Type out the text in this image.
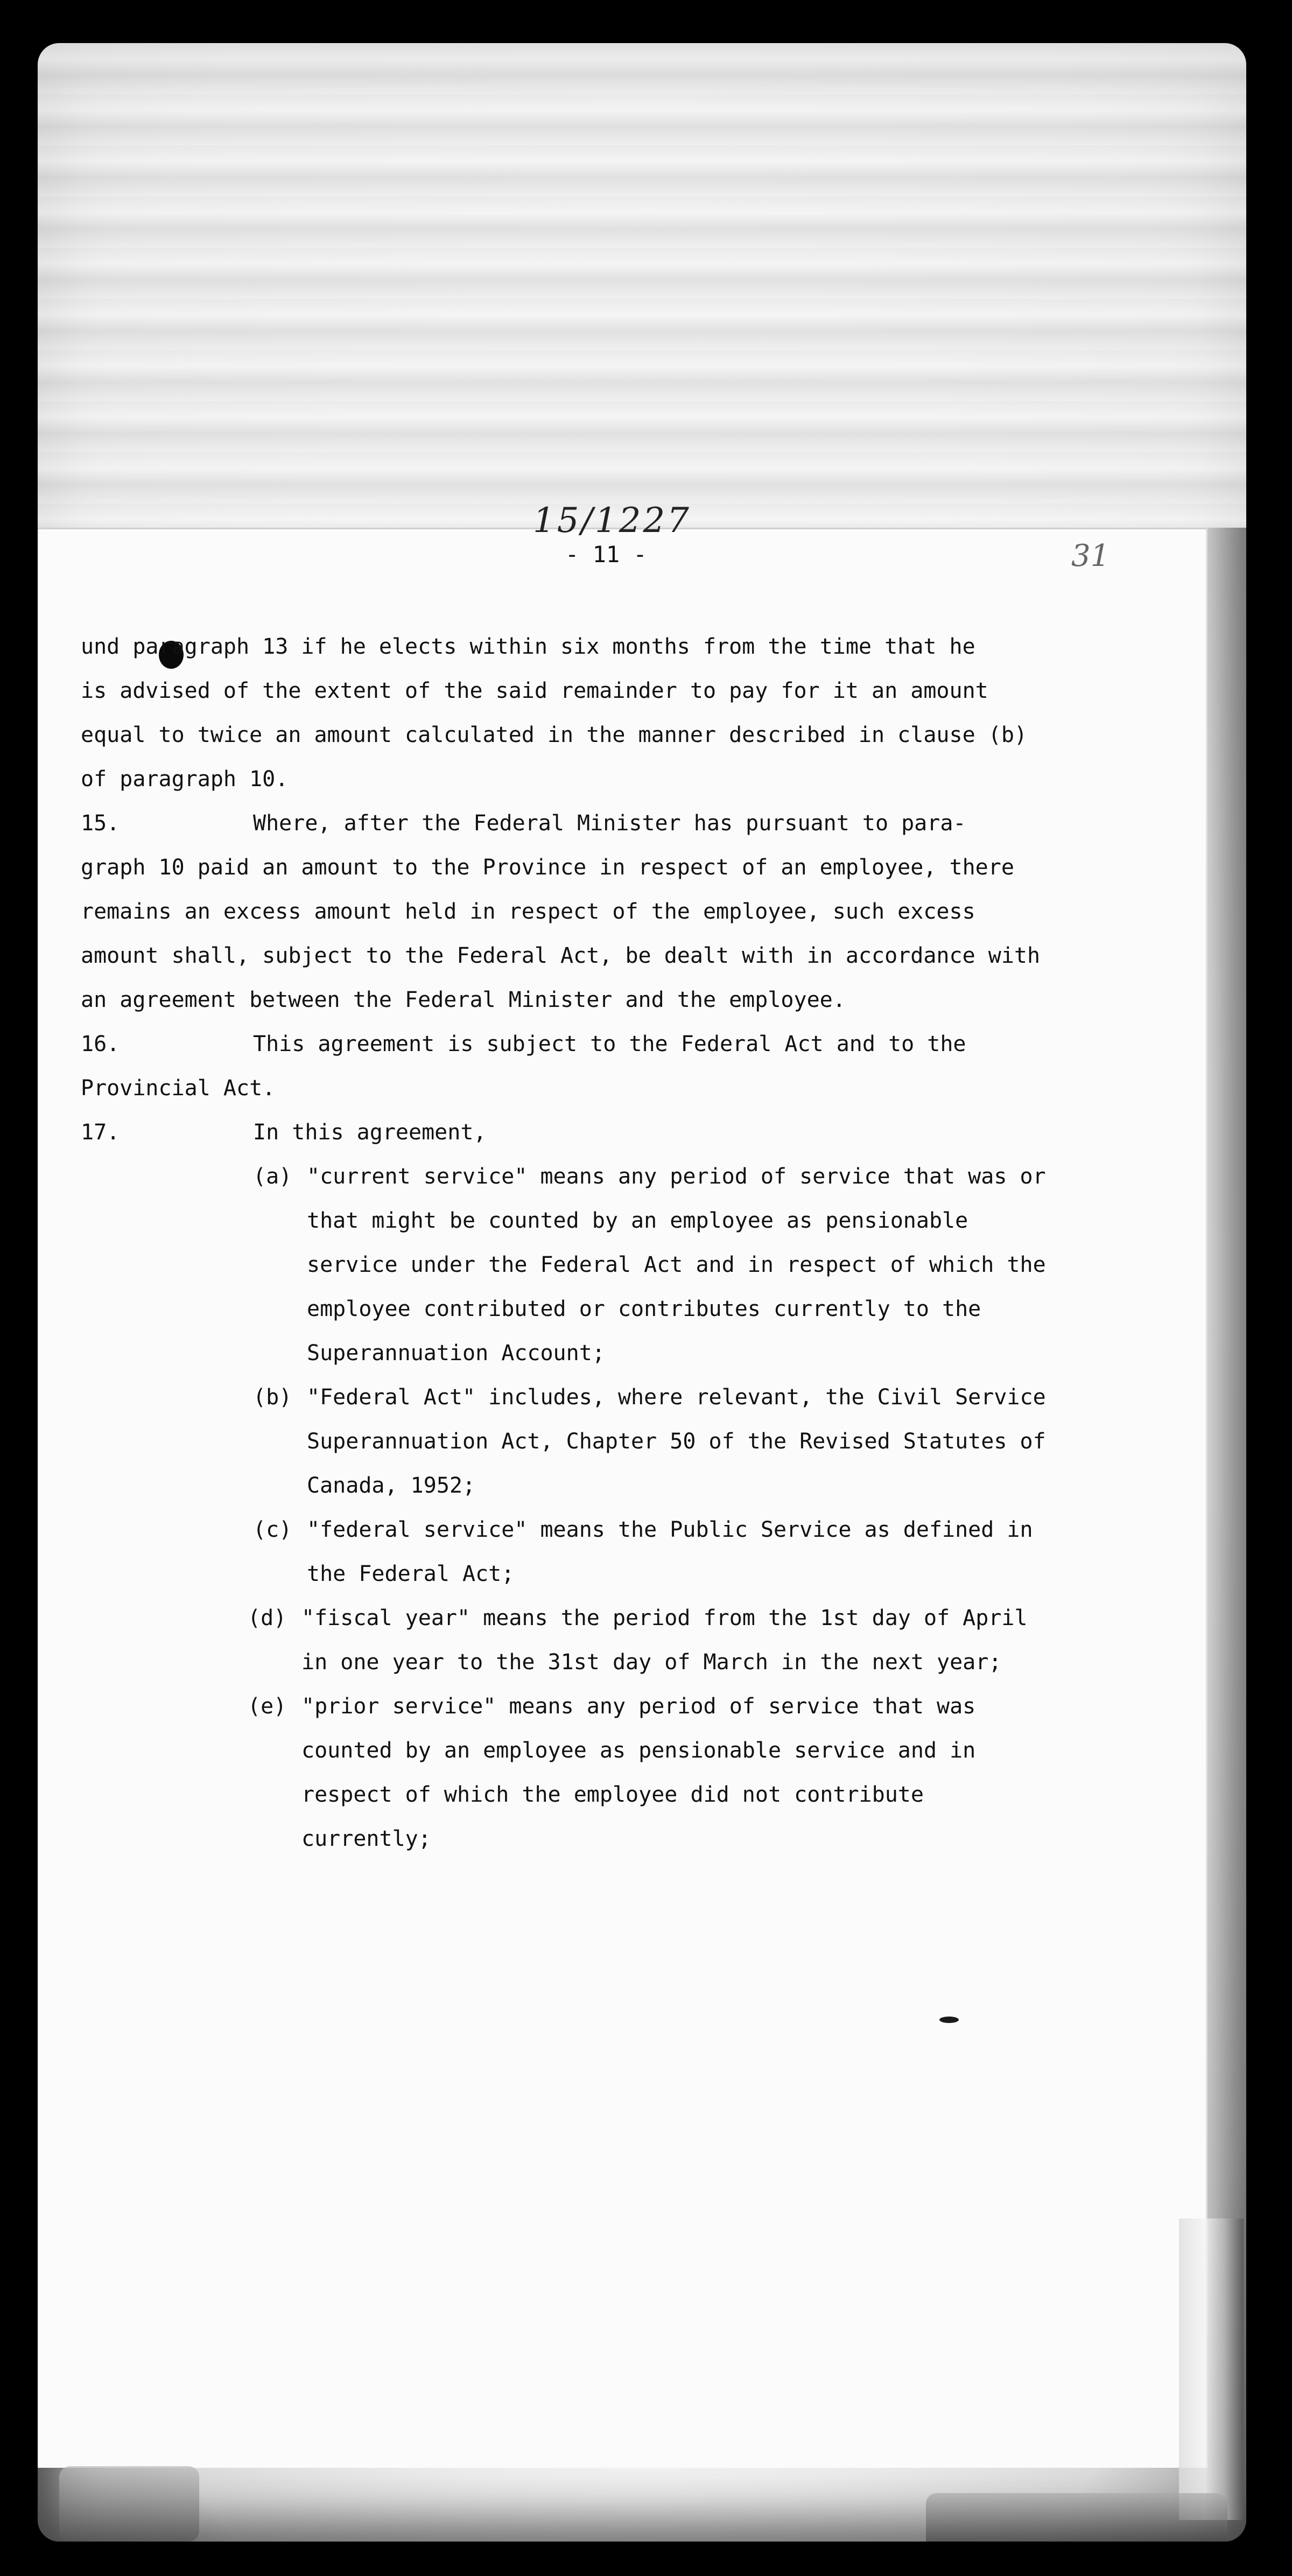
15/1227
- 11 -	31
und paragraph 13 if he elects within six months from the time that he
is advised of the extent of the said remainder to pay for it an amount
equal to twice an amount calculated in the manner described in clause (b)
of paragraph 10.
15.	Where, after the Federal Minister has pursuant to para-
graph 10 paid an amount to the Province in respect of an employee, there
remains an excess amount held in respect of the employee, such excess
amount shall, subject to the Federal Act, be dealt with in accordance with
an agreement between the Federal Minister and the employee.
16.	This agreement is subject to the Federal Act and to the
Provincial Act.
17.	In this agreement,
(a) "current service" means any period of service that was or
that might be counted by an employee as pensionable
service under the Federal Act and in respect of which the
employee contributed or contributes currently to the
Superannuation Account;
(b) "Federal Act" includes, where relevant, the Civil Service
Superannuation Act, Chapter 50 of the Revised Statutes of
Canada, 1952;
(c) "federal service" means the Public Service as defined in
the Federal Act;
(d) "fiscal year" means the period from the 1st day of April
in one year to the 31st day of March in the next year;
(e) "prior service" means any period of service that was
counted by an employee as pensionable service and in
respect of which the employee did not contribute
currently;
